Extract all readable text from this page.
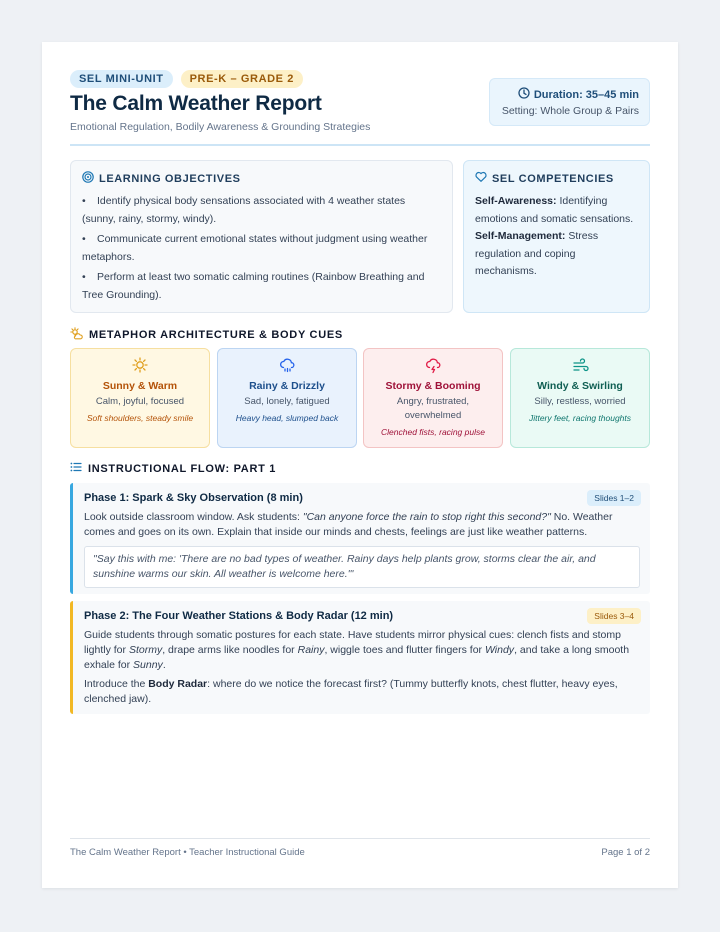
SEL MINI-UNIT	PRE-K – GRADE 2
The Calm Weather Report
Emotional Regulation, Bodily Awareness & Grounding Strategies
Duration: 35–45 min
Setting: Whole Group & Pairs
LEARNING OBJECTIVES
• Identify physical body sensations associated with 4 weather states
(sunny, rainy, stormy, windy).
• Communicate current emotional states without judgment using weather
metaphors.
• Perform at least two somatic calming routines (Rainbow Breathing and
Tree Grounding).
SEL COMPETENCIES

Self-Awareness: Identifying emotions and somatic sensations.

Self-Management: Stress regulation and coping mechanisms.

METAPHOR ARCHITECTURE & BODY CUES
Sunny & Warm
Calm, joyful, focused
Soft shoulders, steady smile
Rainy & Drizzly
Sad, lonely, fatigued
Heavy head, slumped back
Stormy & Booming
Angry, frustrated, overwhelmed
Clenched fists, racing pulse
Windy & Swirling
Silly, restless, worried
Jittery feet, racing thoughts
INSTRUCTIONAL FLOW: PART 1
Phase 1: Spark & Sky Observation (8 min)	Slides 1–2
Look outside classroom window. Ask students: "Can anyone force the rain to stop right this second?" No. Weather comes and goes on its own. Explain that inside our minds and chests, feelings are just like weather patterns.
"Say this with me: 'There are no bad types of weather. Rainy days help plants grow, storms clear the air, and sunshine warms our skin. All weather is welcome here.'"
Phase 2: The Four Weather Stations & Body Radar (12 min)	Slides 3–4
Guide students through somatic postures for each state. Have students mirror physical cues: clench fists and stomp lightly for Stormy, drape arms like noodles for Rainy, wiggle toes and flutter fingers for Windy, and take a long smooth exhale for Sunny.
Introduce the Body Radar: where do we notice the forecast first? (Tummy butterfly knots, chest flutter, heavy eyes, clenched jaw).
The Calm Weather Report • Teacher Instructional Guide	Page 1 of 2
